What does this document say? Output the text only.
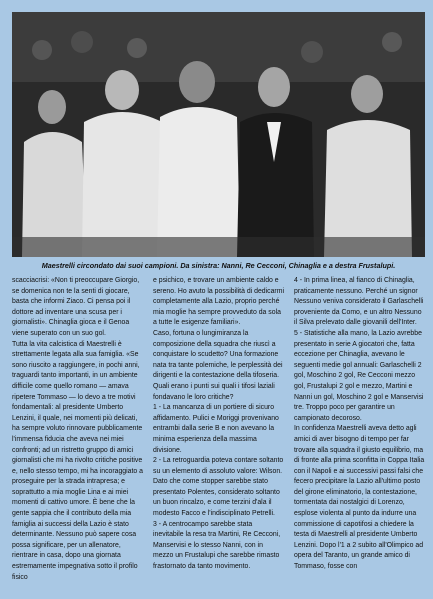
Maestrelli circondato dai suoi campioni. Da sinistra: Nanni, Re Cecconi, Chinaglia e a destra Frustalupi.

scacciacrisi: «Non ti preoccupare Giorgio, se domenica non te la senti di giocare, basta che informi Ziaco. Ci pensa poi il dottore ad inventare una scusa per i giornalisti». Chinaglia gioca e il Genoa viene superato con un suo gol.

Tutta la vita calcistica di Maestrelli è strettamente legata alla sua famiglia. «Se sono riuscito a raggiungere, in pochi anni, traguardi tanto importanti, in un ambiente difficile come quello romano — amava ripetere Tommaso — lo devo a tre motivi fondamentali: al presidente Umberto Lenzini, il quale, nei momenti più delicati, ha sempre voluto rinnovare pubblicamente l'immensa fiducia che aveva nei miei confronti; ad un ristretto gruppo di amici giornalisti che mi ha rivolto critiche positive e, nello stesso tempo, mi ha incoraggiato a proseguire per la strada intrapresa; e soprattutto a mia moglie Lina e ai miei momenti di cattivo umore. È bene che la gente sappia che il contributo della mia famiglia ai successi della Lazio è stato determinante. Nessuno può sapere cosa possa significare, per un allenatore, rientrare in casa, dopo una giornata estremamente impegnativa sotto il profilo fisico

e psichico, e trovare un ambiente caldo e sereno. Ho avuto la possibilità di dedicarmi completamente alla Lazio, proprio perché mia moglie ha sempre provveduto da sola a tutte le esigenze familiari».

Caso, fortuna o lungimiranza la composizione della squadra che riuscì a conquistare lo scudetto? Una formazione nata tra tante polemiche, le perplessità dei dirigenti e la contestazione della tifoseria.

Quali erano i punti sui quali i tifosi laziali fondavano le loro critiche?

1 - La mancanza di un portiere di sicuro affidamento. Pulici e Moriggi provenivano entrambi dalla serie B e non avevano la minima esperienza della massima divisione.

2 - La retroguardia poteva contare soltanto su un elemento di assoluto valore: Wilson. Dato che come stopper sarebbe stato presentato Polentes, considerato soltanto un buon rincalzo, e come terzini d'ala il modesto Facco e l'indisciplinato Petrelli.

3 - A centrocampo sarebbe stata inevitabile la resa tra Martini, Re Cecconi, Manservisi e lo stesso Nanni, con in mezzo un Frustalupi che sarebbe rimasto frastornato da tanto movimento.

4 - In prima linea, al fianco di Chinaglia, praticamente nessuno. Perché un signor Nessuno veniva considerato il Garlaschelli proveniente da Como, e un altro Nessuno il Silva prelevato dalle giovanili dell'Inter.

5 - Statistiche alla mano, la Lazio avrebbe presentato in serie A giocatori che, fatta eccezione per Chinaglia, avevano le seguenti medie gol annuali: Garlaschelli 2 gol, Moschino 2 gol, Re Cecconi mezzo gol, Frustalupi 2 gol e mezzo, Martini e Nanni un gol, Moschino 2 gol e Manservisi tre. Troppo poco per garantire un campionato decoroso.

In confidenza Maestrelli aveva detto agli amici di aver bisogno di tempo per far trovare alla squadra il giusto equilibrio, ma di fronte alla prima sconfitta in Coppa Italia con il Napoli e ai successivi passi falsi che fecero precipitare la Lazio all'ultimo posto del girone eliminatorio, la contestazione, tormentata dai nostalgici di Lorenzo, esplose violenta al punto da indurre una commissione di capotifosi a chiedere la testa di Maestrelli al presidente Umberto Lenzini. Dopo l'1 a 2 subito all'Olimpico ad opera del Taranto, un grande amico di Tommaso, fosse con
